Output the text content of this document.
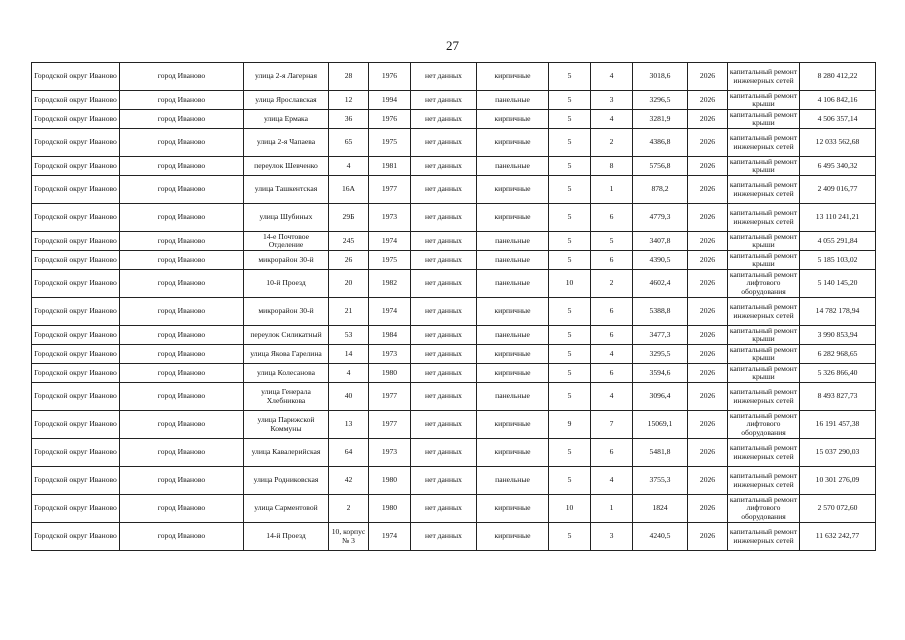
27
Городской округ Иваново	город Иваново	улица 2-я Лагерная	28	1976	нет данных	кирпичные	5	4	3018,6	2026	капитальный ремонт инженерных сетей	8 280 412,22
Городской округ Иваново	город Иваново	улица Ярославская	12	1994	нет данных	панельные	5	3	3296,5	2026	капитальный ремонт крыши	4 106 842,16
Городской округ Иваново	город Иваново	улица Ермака	36	1976	нет данных	кирпичные	5	4	3281,9	2026	капитальный ремонт крыши	4 506 357,14
Городской округ Иваново	город Иваново	улица 2-я Чапаева	65	1975	нет данных	кирпичные	5	2	4386,8	2026	капитальный ремонт инженерных сетей	12 033 562,68
Городской округ Иваново	город Иваново	переулок Шевченко	4	1981	нет данных	панельные	5	8	5756,8	2026	капитальный ремонт крыши	6 495 340,32
Городской округ Иваново	город Иваново	улица Ташкентская	16А	1977	нет данных	кирпичные	5	1	878,2	2026	капитальный ремонт инженерных сетей	2 409 016,77
Городской округ Иваново	город Иваново	улица Шубиных	29Б	1973	нет данных	кирпичные	5	6	4779,3	2026	капитальный ремонт инженерных сетей	13 110 241,21
Городской округ Иваново	город Иваново	14-е Почтовое Отделение	245	1974	нет данных	панельные	5	5	3407,8	2026	капитальный ремонт крыши	4 055 291,84
Городской округ Иваново	город Иваново	микрорайон 30-й	26	1975	нет данных	панельные	5	6	4390,5	2026	капитальный ремонт крыши	5 185 103,02
Городской округ Иваново	город Иваново	10-й Проезд	20	1982	нет данных	панельные	10	2	4602,4	2026	капитальный ремонт лифтового оборудования	5 140 145,20
Городской округ Иваново	город Иваново	микрорайон 30-й	21	1974	нет данных	кирпичные	5	6	5388,8	2026	капитальный ремонт инженерных сетей	14 782 178,94
Городской округ Иваново	город Иваново	переулок Силикатный	53	1984	нет данных	панельные	5	6	3477,3	2026	капитальный ремонт крыши	3 990 853,94
Городской округ Иваново	город Иваново	улица Якова Гарелина	14	1973	нет данных	кирпичные	5	4	3295,5	2026	капитальный ремонт крыши	6 282 968,65
Городской округ Иваново	город Иваново	улица Колесанова	4	1980	нет данных	кирпичные	5	6	3594,6	2026	капитальный ремонт крыши	5 326 866,40
Городской округ Иваново	город Иваново	улица Генерала Хлебникова	40	1977	нет данных	панельные	5	4	3096,4	2026	капитальный ремонт инженерных сетей	8 493 827,73
Городской округ Иваново	город Иваново	улица Парижской Коммуны	13	1977	нет данных	кирпичные	9	7	15069,1	2026	капитальный ремонт лифтового оборудования	16 191 457,38
Городской округ Иваново	город Иваново	улица Кавалерийская	64	1973	нет данных	кирпичные	5	6	5481,8	2026	капитальный ремонт инженерных сетей	15 037 290,03
Городской округ Иваново	город Иваново	улица Родниковская	42	1980	нет данных	панельные	5	4	3755,3	2026	капитальный ремонт инженерных сетей	10 301 276,09
Городской округ Иваново	город Иваново	улица Сарментовой	2	1980	нет данных	кирпичные	10	1	1824	2026	капитальный ремонт лифтового оборудования	2 570 072,60
Городской округ Иваново	город Иваново	14-й Проезд	10, корпус № 3	1974	нет данных	кирпичные	5	3	4240,5	2026	капитальный ремонт инженерных сетей	11 632 242,77
